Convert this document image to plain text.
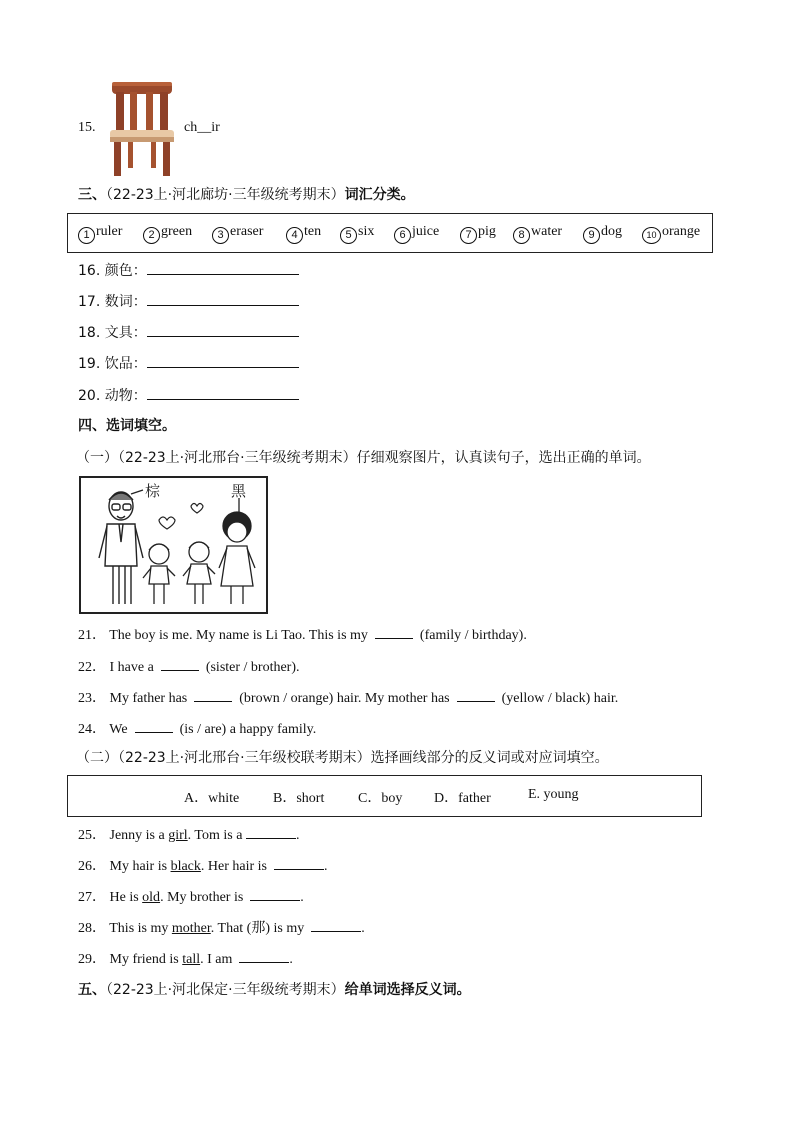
15.	ch__ir
三、（22-23上·河北廊坊·三年级统考期末）词汇分类。
1 ruler	2 green	3 eraser	4 ten	5 six	6 juice	7 pig	8 water	9 dog	10 orange
16. 颜色：
17. 数词：
18. 文具：
19. 饮品：
20. 动物：
四、选词填空。
（一）（22-23上·河北邢台·三年级统考期末）仔细观察图片，认真读句子，选出正确的单词。
棕	黑
21． The boy is me. My name is Li Tao. This is my	(family / birthday).
22． I have a	(sister / brother).
23． My father has	(brown / orange) hair. My mother has	(yellow / black) hair.
24． We	(is / are) a happy family.
（二）（22-23上·河北邢台·三年级校联考期末）选择画线部分的反义词或对应词填空。
A．white B．short C．boy D．father	E. young
25． Jenny is a girl. Tom is a	.
26． My hair is black. Her hair is	.
27． He is old. My brother is	.
28． This is my mother. That (那) is my	.
29． My friend is tall. I am	.
五、（22-23上·河北保定·三年级统考期末）给单词选择反义词。
